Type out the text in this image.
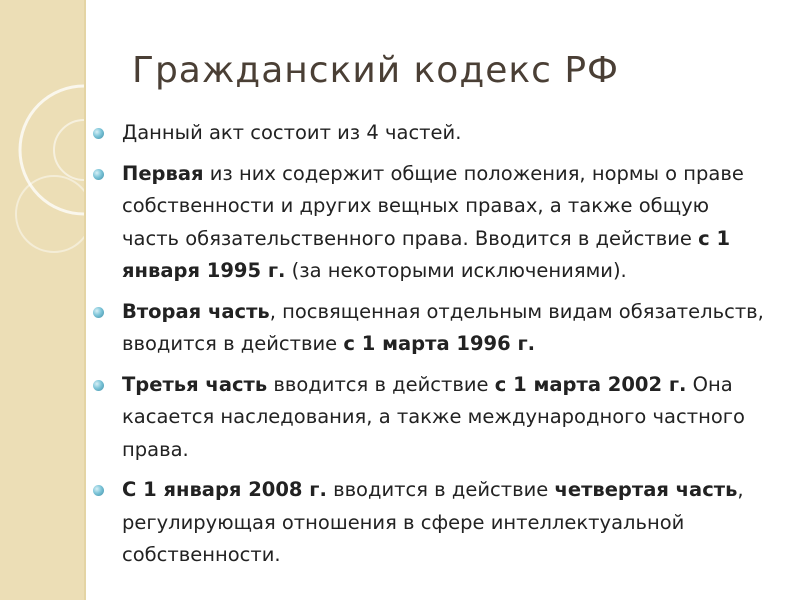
Гражданский кодекс РФ
Данный акт состоит из 4 частей.
Первая из них содержит общие положения, нормы о праве собственности и других вещных правах, а также общую часть обязательственного права. Вводится в действие с 1 января 1995 г. (за некоторыми исключениями).
Вторая часть, посвященная отдельным видам обязательств, вводится в действие с 1 марта 1996 г.
Третья часть вводится в действие с 1 марта 2002 г. Она касается наследования, а также международного частного права.
С 1 января 2008 г. вводится в действие четвертая часть, регулирующая отношения в сфере интеллектуальной собственности.
